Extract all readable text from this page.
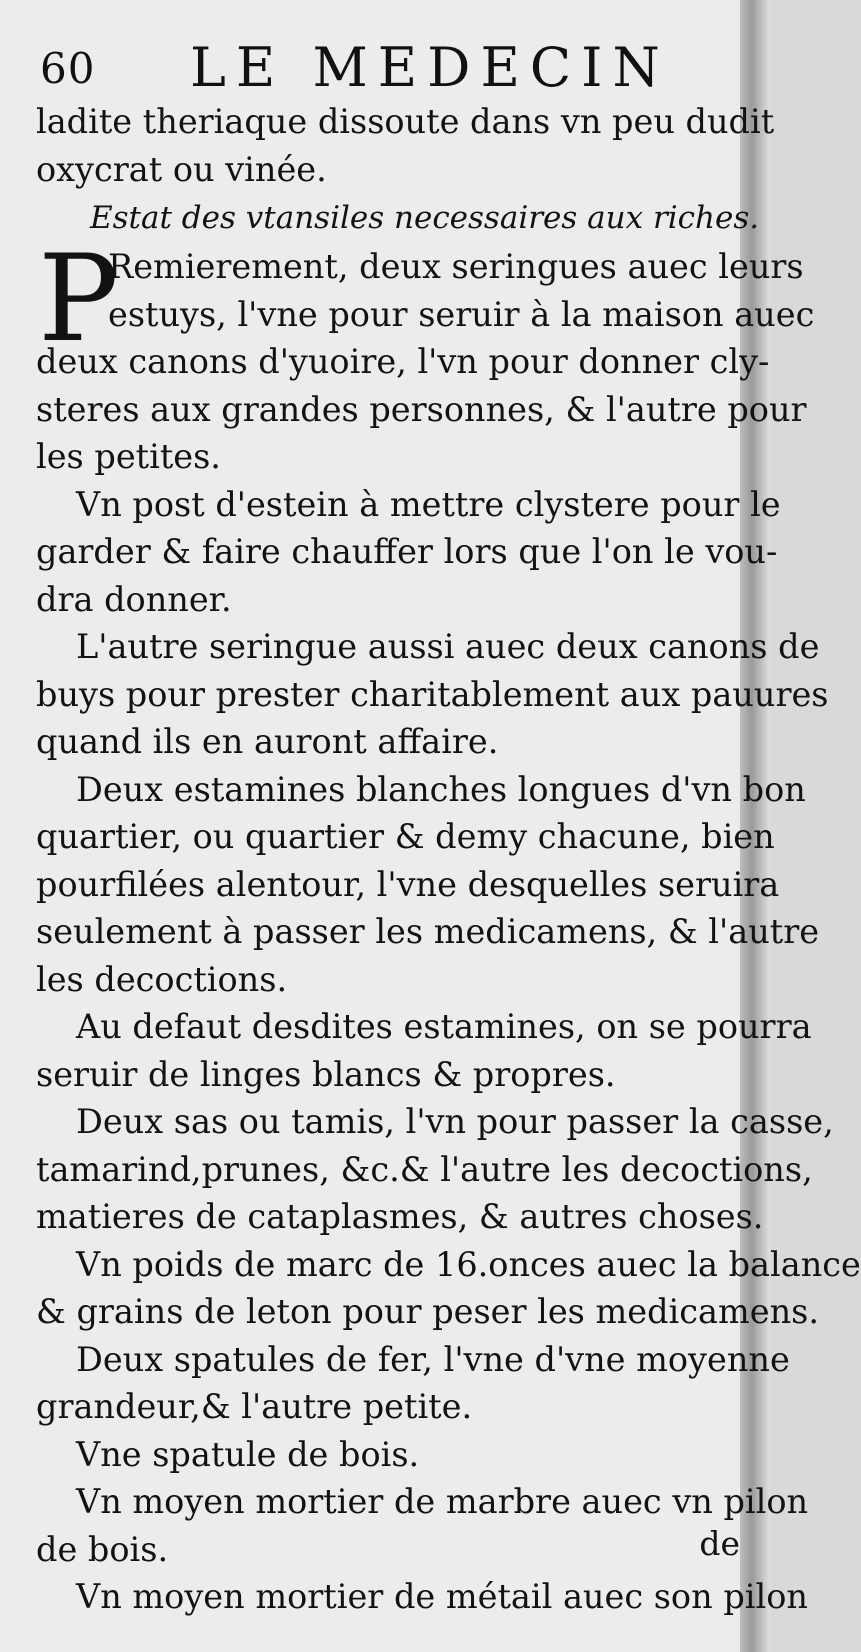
60 LE MEDECIN
ladite theriaque dissoute dans vn peu dudit
oxycrat ou vinée.
Estat des vtansiles necessaires aux riches.
P
Remierement, deux seringues auec leurs
estuys, l'vne pour seruir à la maison auec
deux canons d'yuoire, l'vn pour donner cly-
steres aux grandes personnes, & l'autre pour
les petites.
Vn post d'estein à mettre clystere pour le
garder & faire chauffer lors que l'on le vou-
dra donner.
L'autre seringue aussi auec deux canons de
buys pour prester charitablement aux pauures
quand ils en auront affaire.
Deux estamines blanches longues d'vn bon
quartier, ou quartier & demy chacune, bien
pourfilées alentour, l'vne desquelles seruira
seulement à passer les medicamens, & l'autre
les decoctions.
Au defaut desdites estamines, on se pourra
seruir de linges blancs & propres.
Deux sas ou tamis, l'vn pour passer la casse,
tamarind,prunes, &c.& l'autre les decoctions,
matieres de cataplasmes, & autres choses.
Vn poids de marc de 16.onces auec la balance
& grains de leton pour peser les medicamens.
Deux spatules de fer, l'vne d'vne moyenne
grandeur,& l'autre petite.
Vne spatule de bois.
Vn moyen mortier de marbre auec vn pilon
de bois.
Vn moyen mortier de métail auec son pilon
de
